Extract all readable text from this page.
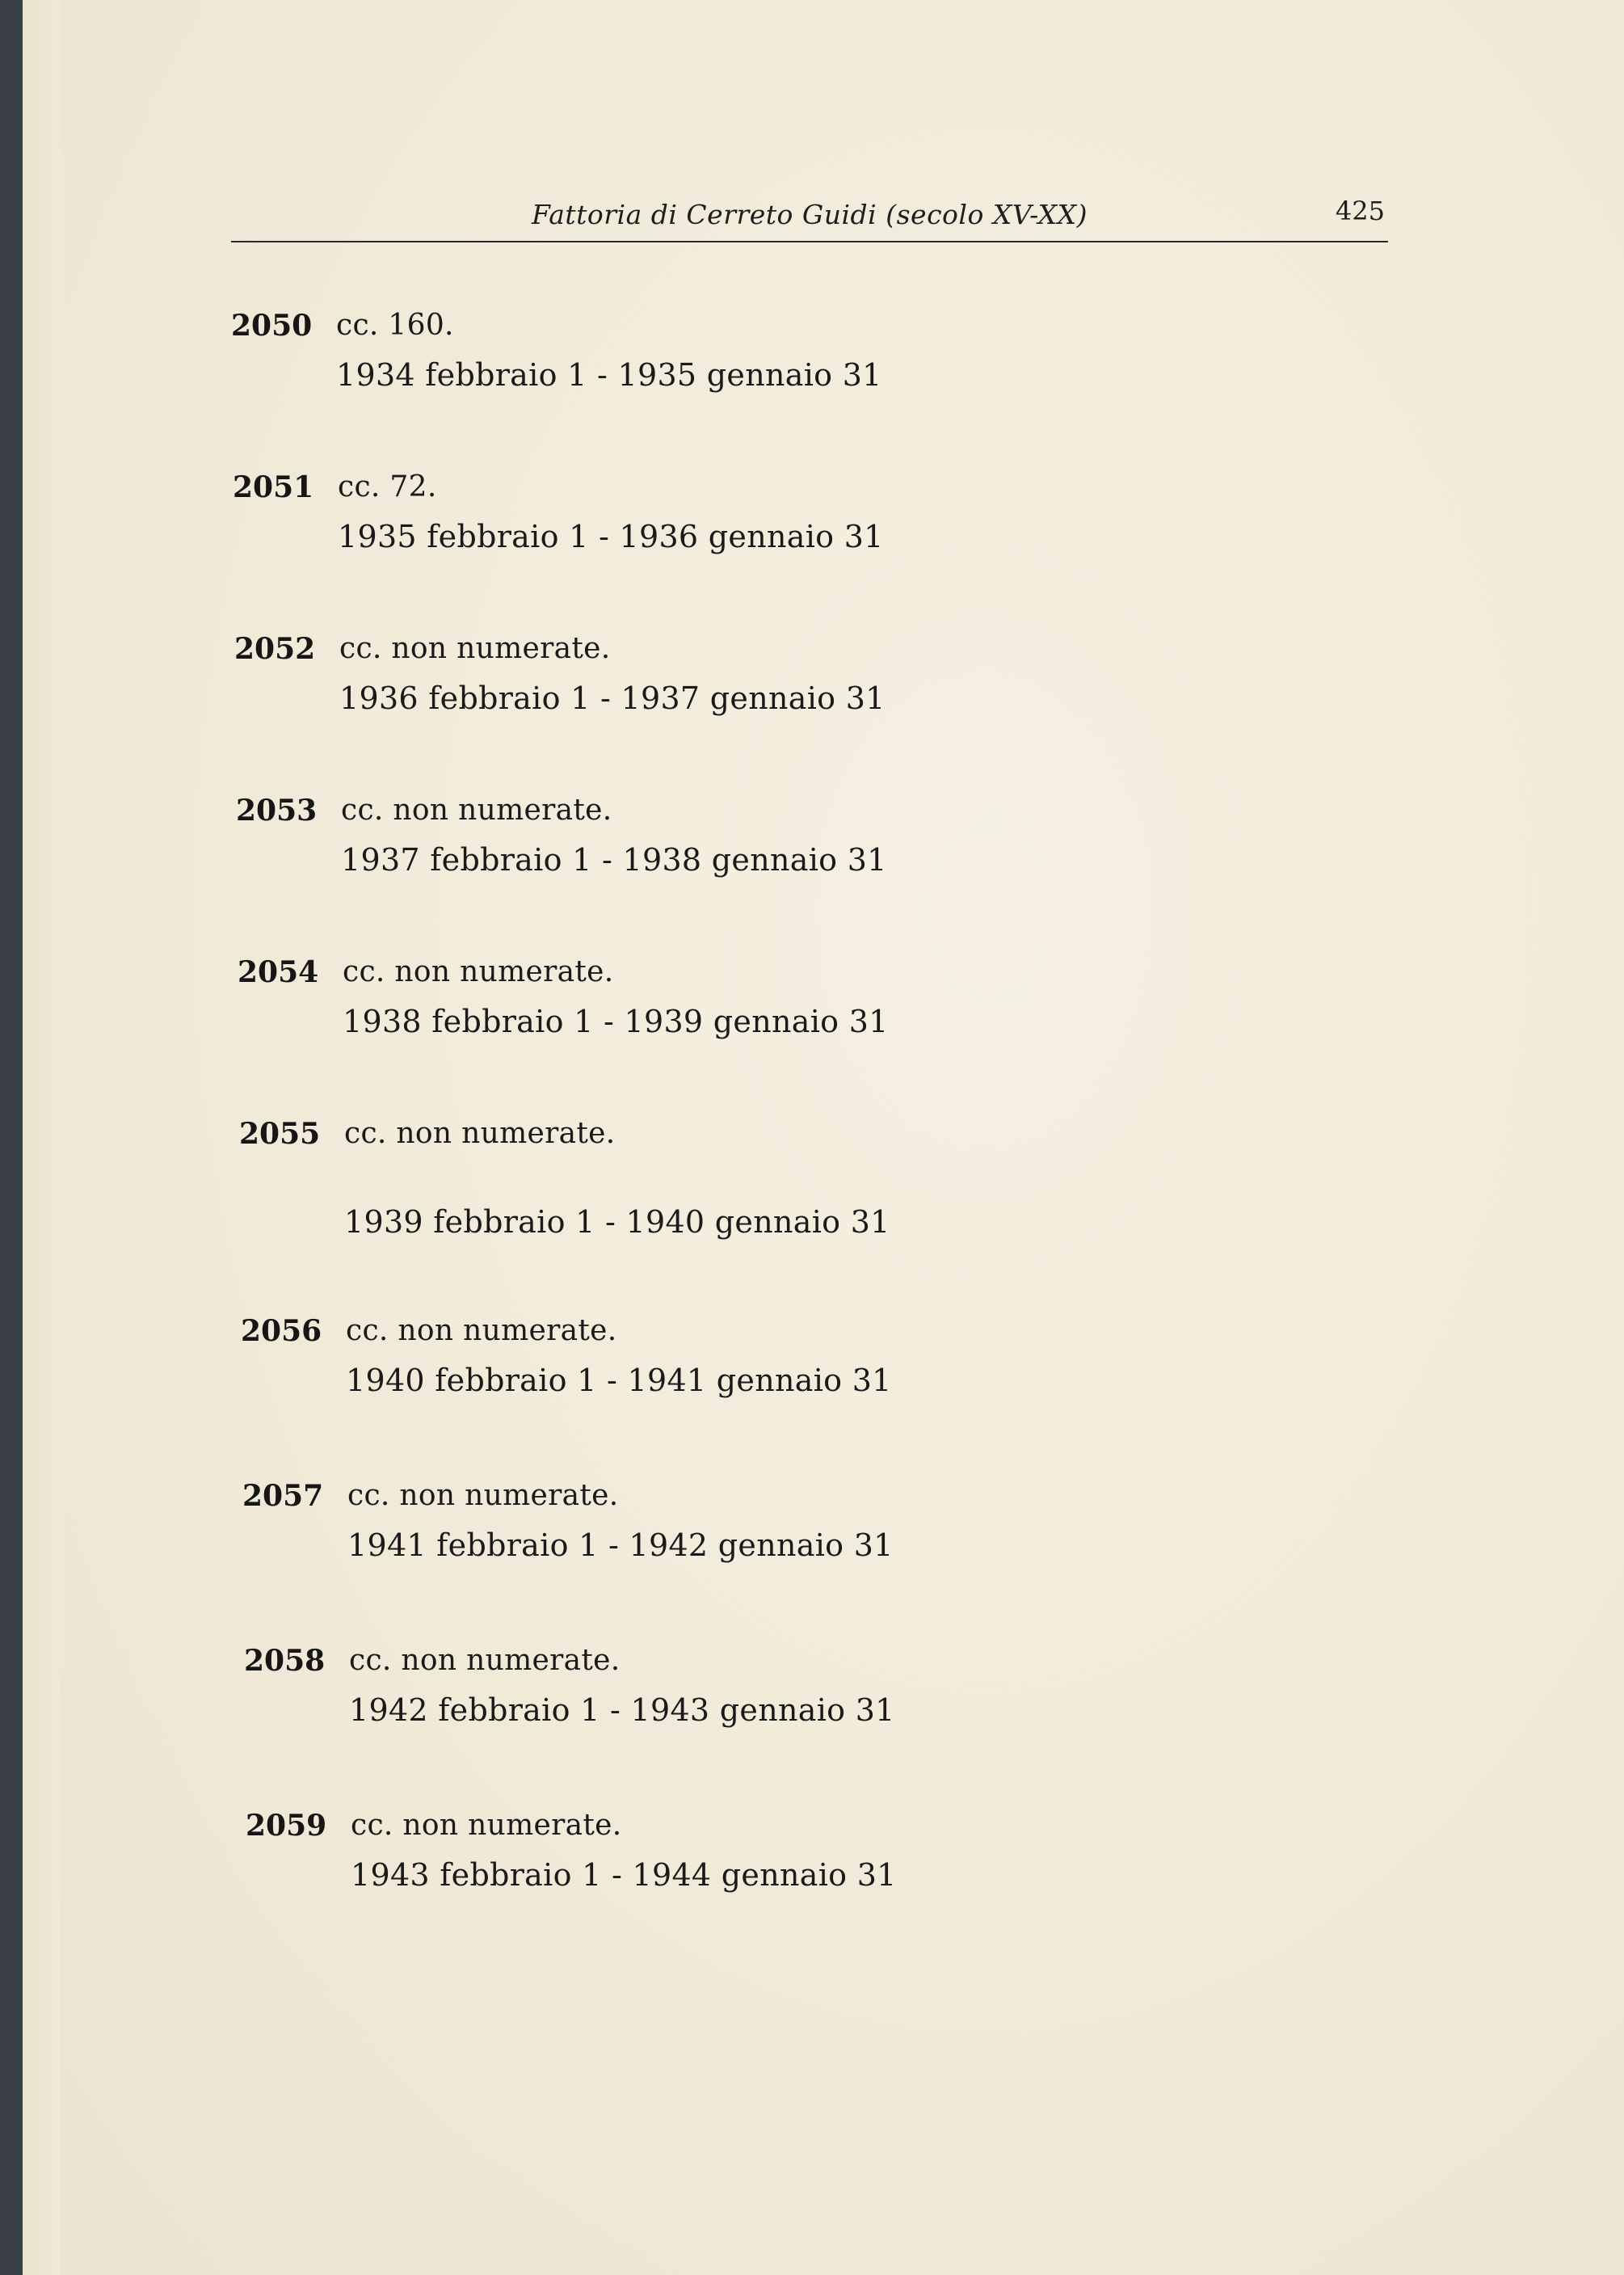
Fattoria di Cerreto Guidi (secolo XV-XX)	425
2050 cc. 160.
1934 febbraio 1 - 1935 gennaio 31
2051 cc. 72.
1935 febbraio 1 - 1936 gennaio 31
2052 cc. non numerate.
1936 febbraio 1 - 1937 gennaio 31
2053 cc. non numerate.
1937 febbraio 1 - 1938 gennaio 31
2054 cc. non numerate.
1938 febbraio 1 - 1939 gennaio 31
2055 cc. non numerate.
1939 febbraio 1 - 1940 gennaio 31
2056 cc. non numerate.
1940 febbraio 1 - 1941 gennaio 31
2057 cc. non numerate.
1941 febbraio 1 - 1942 gennaio 31
2058 cc. non numerate.
1942 febbraio 1 - 1943 gennaio 31
2059 cc. non numerate.
1943 febbraio 1 - 1944 gennaio 31
